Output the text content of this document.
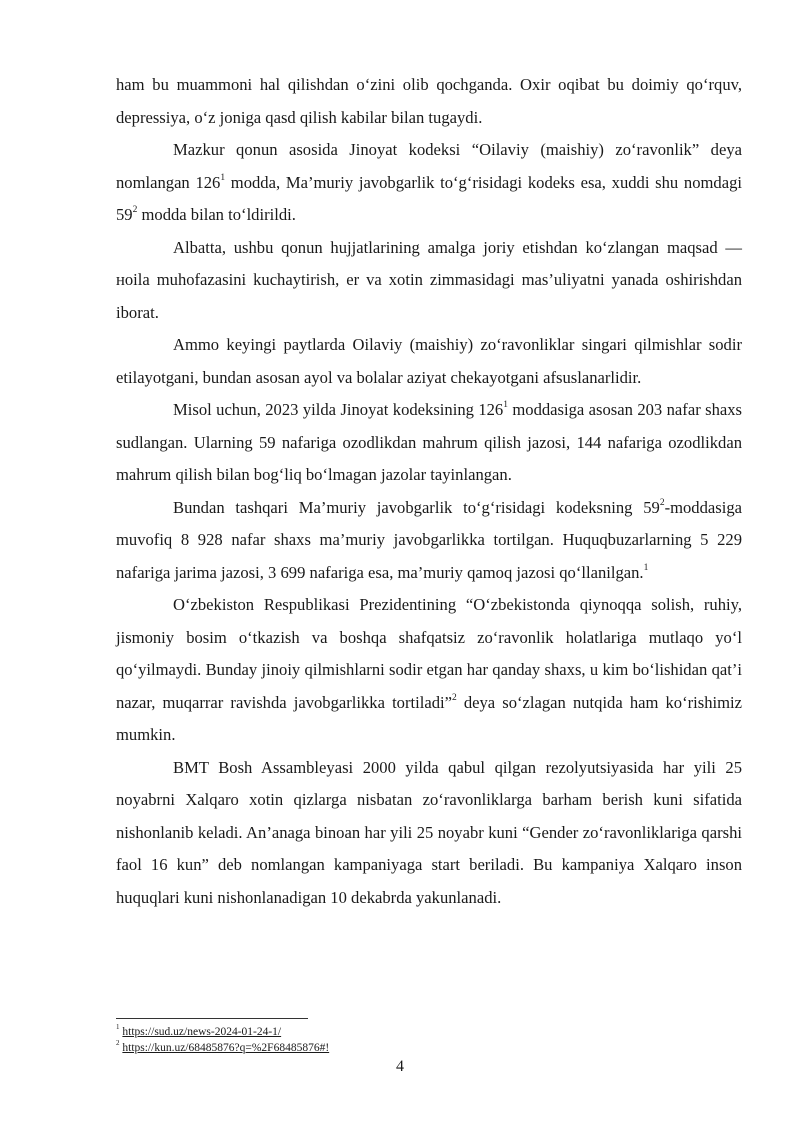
ham bu muammoni hal qilishdan o‘zini olib qochganda. Oxir oqibat bu doimiy qo‘rquv, depressiya, o‘z joniga qasd qilish kabilar bilan tugaydi.

Mazkur qonun asosida Jinoyat kodeksi “Oilaviy (maishiy) zo‘ravonlik” deya nomlangan $126^1$ modda, Ma’muriy javobgarlik to‘g‘risidagi kodeks esa, xuddi shu nomdagi $59^2$ modda bilan to‘ldirildi.

Albatta, ushbu qonun hujjatlarining amalga joriy etishdan ko‘zlangan maqsad — нoila muhofazasini kuchaytirish, er va xotin zimmasidagi mas’uliyatni yanada oshirishdan iborat.

Ammo keyingi paytlarda Oilaviy (maishiy) zo‘ravonliklar singari qilmishlar sodir etilayotgani, bundan asosan ayol va bolalar aziyat chekayotgani afsuslanarlidir.

Misol uchun, 2023 yilda Jinoyat kodeksining $126^1$ moddasiga asosan 203 nafar shaxs sudlangan. Ularning 59 nafariga ozodlikdan mahrum qilish jazosi, 144 nafariga ozodlikdan mahrum qilish bilan bog‘liq bo‘lmagan jazolar tayinlangan.

Bundan tashqari Ma’muriy javobgarlik to‘g‘risidagi kodeksning $59^2$-moddasiga muvofiq 8 928 nafar shaxs ma’muriy javobgarlikka tortilgan. Huquqbuzarlarning 5 229 nafariga jarima jazosi, 3 699 nafariga esa, ma’muriy qamoq jazosi qo‘llanilgan.$^1$

O‘zbekiston Respublikasi Prezidentining “O‘zbekistonda qiynoqqa solish, ruhiy, jismoniy bosim o‘tkazish va boshqa shafqatsiz zo‘ravonlik holatlariga mutlaqo yo‘l qo‘yilmaydi. Bunday jinoiy qilmishlarni sodir etgan har qanday shaxs, u kim bo‘lishidan qat’i nazar, muqarrar ravishda javobgarlikka tortiladi”$^2$ deya so‘zlagan nutqida ham ko‘rishimiz mumkin.

BMT Bosh Assambleyasi 2000 yilda qabul qilgan rezolyutsiyasida har yili 25 noyabrni Xalqaro xotin qizlarga nisbatan zo‘ravonliklarga barham berish kuni sifatida nishonlanib keladi. An’anaga binoan har yili 25 noyabr kuni “Gender zo‘ravonliklariga qarshi faol 16 kun” deb nomlangan kampaniyaga start beriladi. Bu kampaniya Xalqaro inson huquqlari kuni nishonlanadigan 10 dekabrda yakunlanadi.

$^1$ https://sud.uz/news-2024-01-24-1/

$^2$ https://kun.uz/68485876?q=%2F68485876#!

4
